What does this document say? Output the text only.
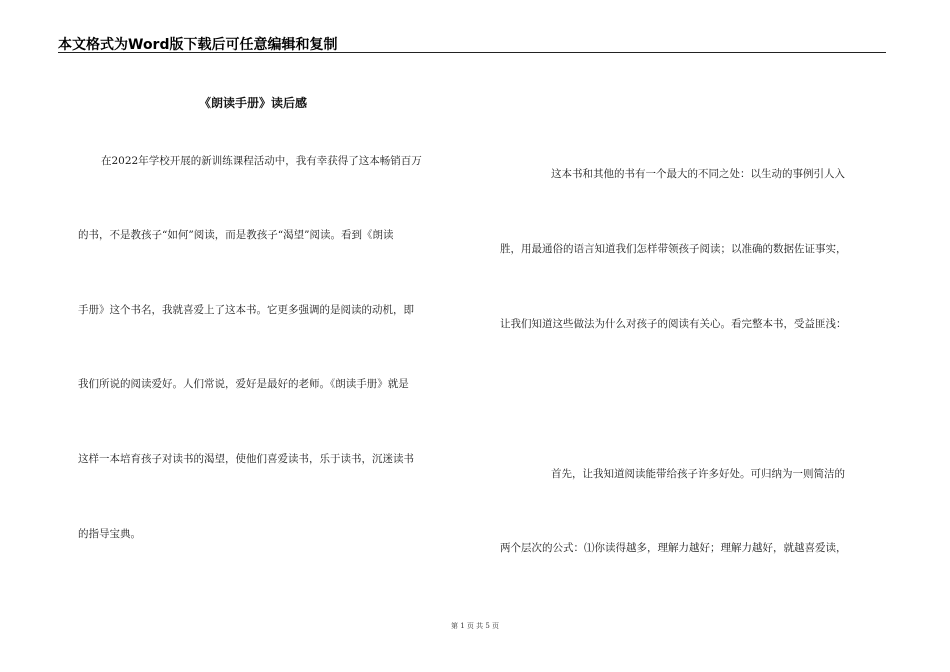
本文格式为Word版下载后可任意编辑和复制
《朗读手册》读后感
在2022年学校开展的新训练课程活动中，我有幸获得了这本畅销百万
的书，不是教孩子“如何”阅读，而是教孩子“渴望”阅读。看到《朗读
手册》这个书名，我就喜爱上了这本书。它更多强调的是阅读的动机，即
我们所说的阅读爱好。人们常说，爱好是最好的老师。《朗读手册》就是
这样一本培育孩子对读书的渴望，使他们喜爱读书，乐于读书，沉迷读书
的指导宝典。
这本书和其他的书有一个最大的不同之处：以生动的事例引人入
胜，用最通俗的语言知道我们怎样带领孩子阅读；以准确的数据佐证事实，
让我们知道这些做法为什么对孩子的阅读有关心。看完整本书，受益匪浅：
首先，让我知道阅读能带给孩子许多好处。可归纳为一则简洁的
两个层次的公式：⑴你读得越多，理解力越好；理解力越好，就越喜爱读，
第 1 页 共 5 页
